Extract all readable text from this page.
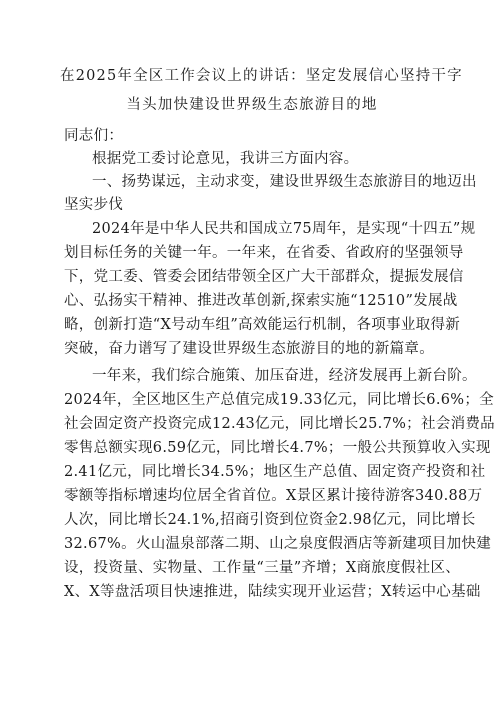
在2025年全区工作会议上的讲话：坚定发展信心坚持干字
当头加快建设世界级生态旅游目的地
同志们：
根据党工委讨论意见，我讲三方面内容。
一、扬势谋远，主动求变，建设世界级生态旅游目的地迈出
坚实步伐
2024年是中华人民共和国成立75周年，是实现“十四五”规
划目标任务的关键一年。一年来，在省委、省政府的坚强领导
下，党工委、管委会团结带领全区广大干部群众，提振发展信
心、弘扬实干精神、推进改革创新,探索实施“12510”发展战
略，创新打造“X号动车组”高效能运行机制，各项事业取得新
突破，奋力谱写了建设世界级生态旅游目的地的新篇章。
一年来，我们综合施策、加压奋进，经济发展再上新台阶。
2024年，全区地区生产总值完成19.33亿元，同比增长6.6%；全
社会固定资产投资完成12.43亿元，同比增长25.7%；社会消费品
零售总额实现6.59亿元，同比增长4.7%；一般公共预算收入实现
2.41亿元，同比增长34.5%；地区生产总值、固定资产投资和社
零额等指标增速均位居全省首位。X景区累计接待游客340.88万
人次，同比增长24.1%,招商引资到位资金2.98亿元，同比增长
32.67%。火山温泉部落二期、山之泉度假酒店等新建项目加快建
设，投资量、实物量、工作量“三量”齐增；X商旅度假社区、
X、X等盘活项目快速推进，陆续实现开业运营；X转运中心基础
